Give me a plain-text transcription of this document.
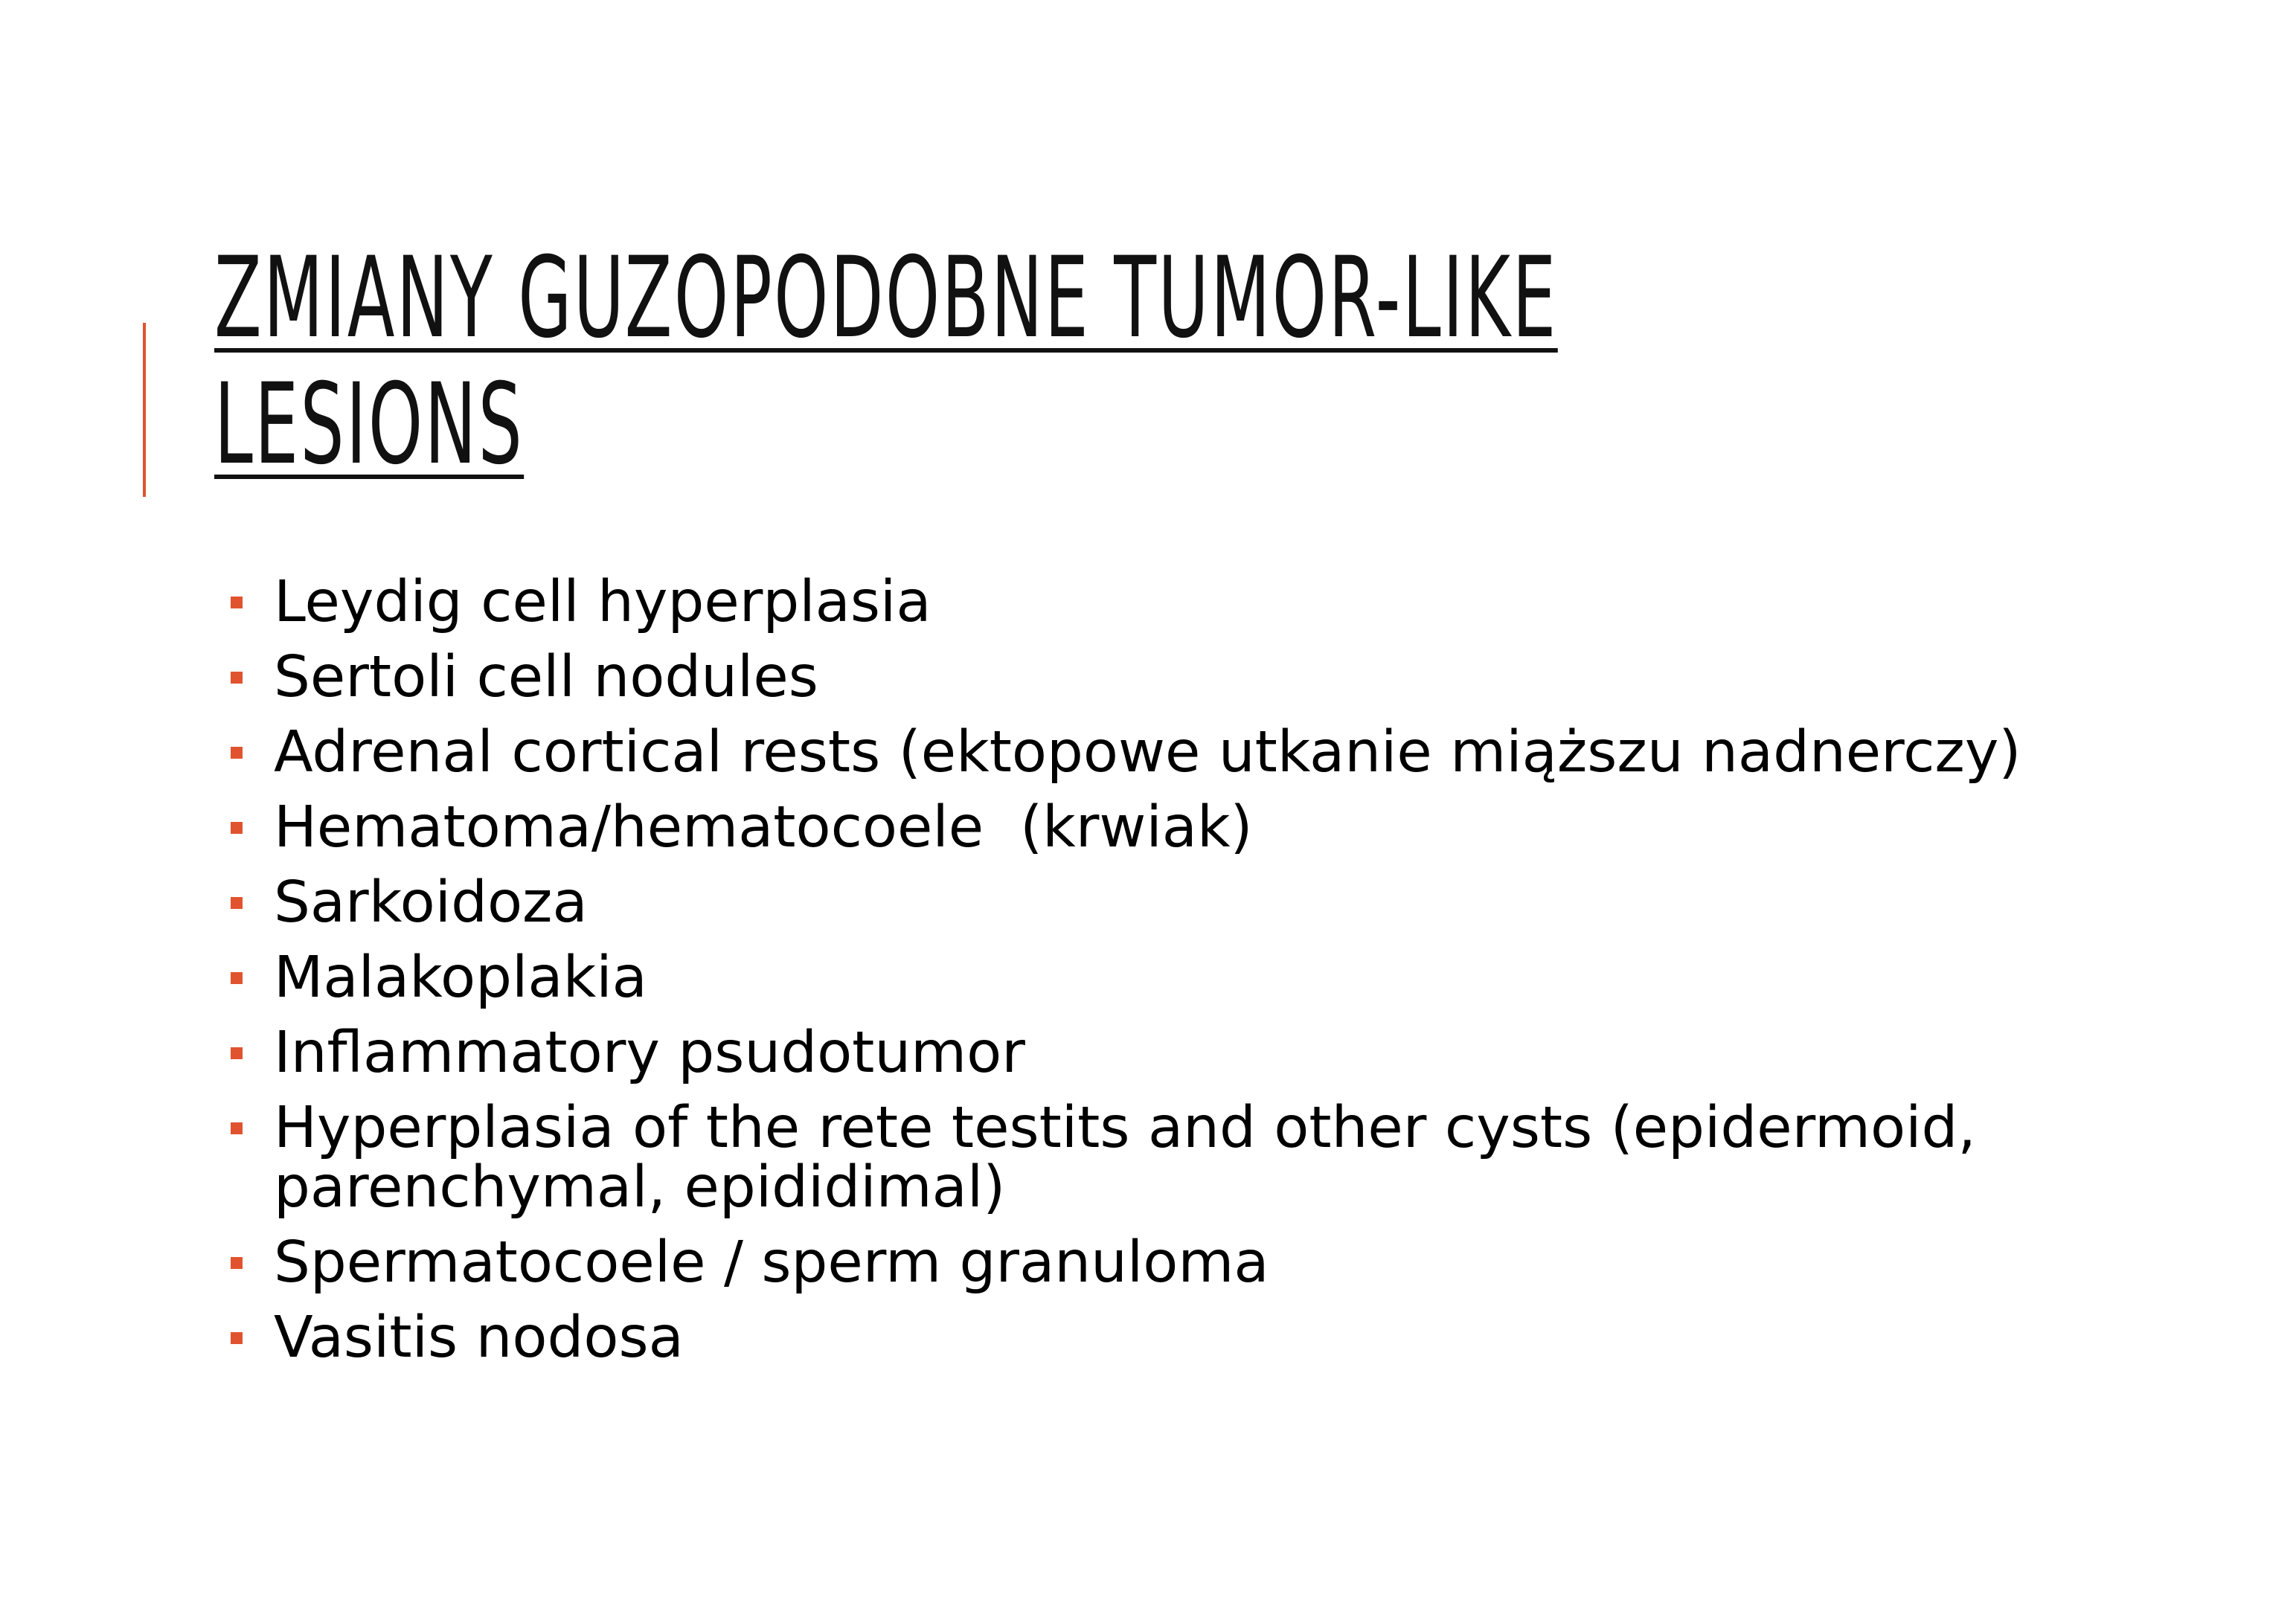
ZMIANY GUZOPODOBNE TUMOR-LIKE LESIONS
Leydig cell hyperplasia
Sertoli cell nodules
Adrenal cortical rests (ektopowe utkanie miąższu nadnerczy)
Hematoma/hematocoele  (krwiak)
Sarkoidoza
Malakoplakia
Inflammatory psudotumor
Hyperplasia of the rete testits and other cysts (epidermoid, parenchymal, epididimal)
Spermatocoele / sperm granuloma
Vasitis nodosa
